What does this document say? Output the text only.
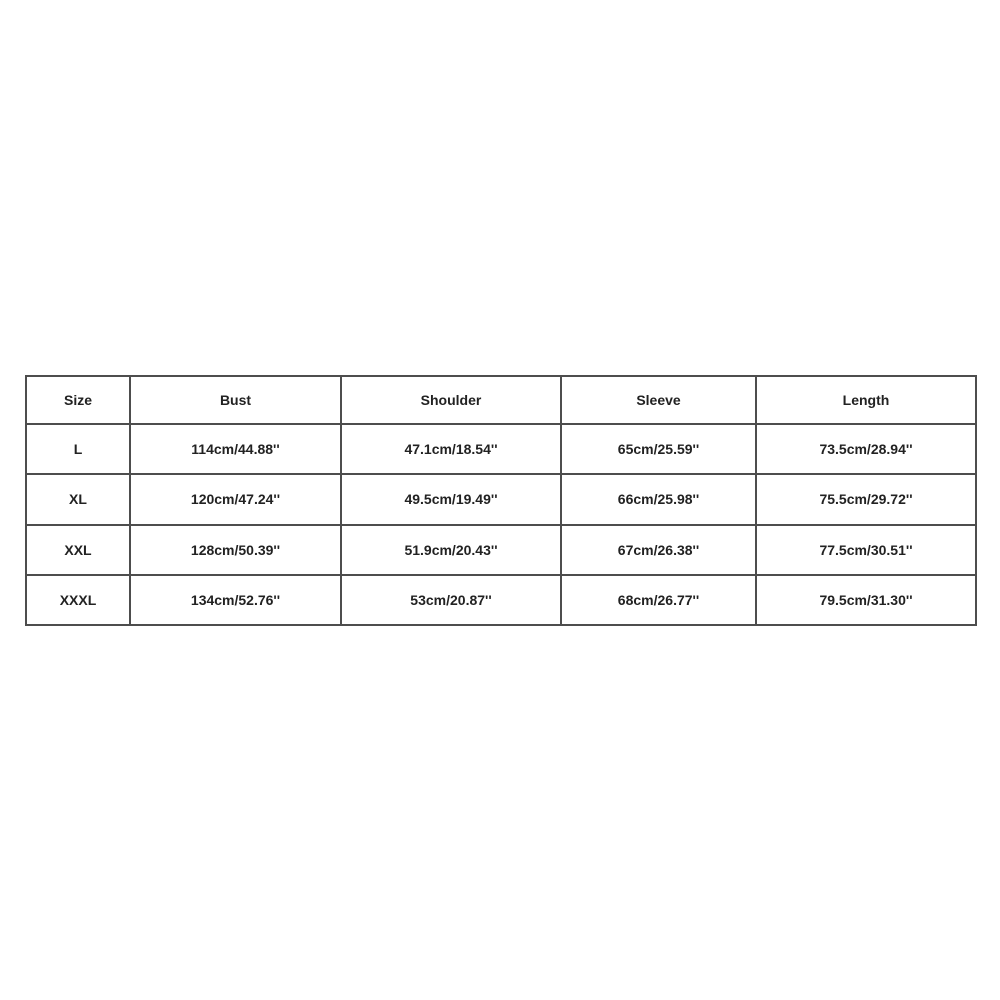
Size	Bust	Shoulder	Sleeve	Length
L	114cm/44.88''	47.1cm/18.54''	65cm/25.59''	73.5cm/28.94''
XL	120cm/47.24''	49.5cm/19.49''	66cm/25.98''	75.5cm/29.72''
XXL	128cm/50.39''	51.9cm/20.43''	67cm/26.38''	77.5cm/30.51''
XXXL	134cm/52.76''	53cm/20.87''	68cm/26.77''	79.5cm/31.30''
